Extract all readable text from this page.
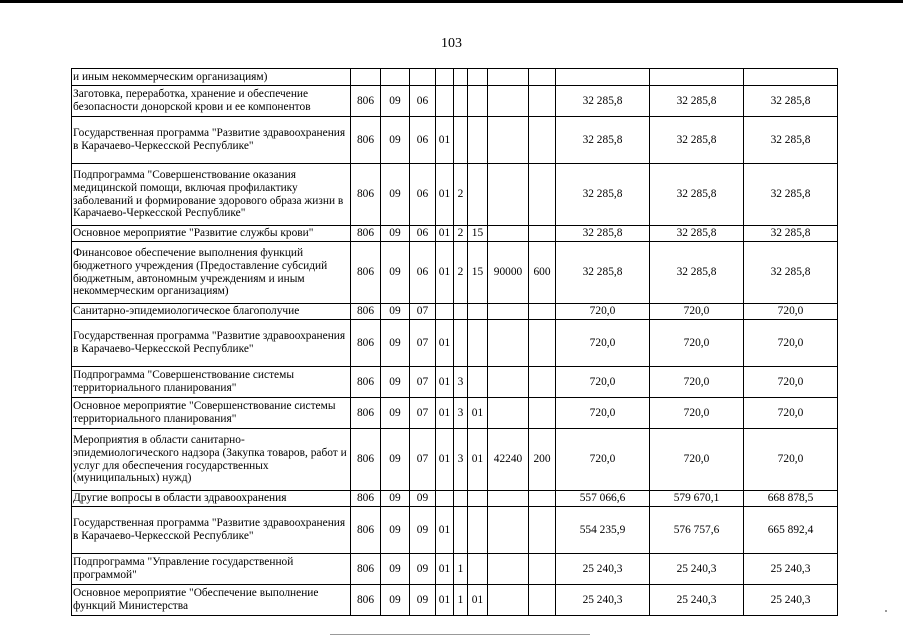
103
и иным некоммерческим организациям)											
Заготовка, переработка, хранение и обеспечение безопасности донорской крови и ее компонентов	806	09	06						32 285,8	32 285,8	32 285,8
Государственная программа "Развитие здравоохранения в Карачаево-Черкесской Республике"	806	09	06	01					32 285,8	32 285,8	32 285,8
Подпрограмма "Совершенствование оказания медицинской помощи, включая профилактику заболеваний и формирование здорового образа жизни в Карачаево-Черкесской Республике"	806	09	06	01	2				32 285,8	32 285,8	32 285,8
Основное мероприятие "Развитие службы крови"	806	09	06	01	2	15			32 285,8	32 285,8	32 285,8
Финансовое обеспечение выполнения функций бюджетного учреждения (Предоставление субсидий бюджетным, автономным учреждениям и иным некоммерческим организациям)	806	09	06	01	2	15	90000	600	32 285,8	32 285,8	32 285,8
Санитарно-эпидемиологическое благополучие	806	09	07						720,0	720,0	720,0
Государственная программа "Развитие здравоохранения в Карачаево-Черкесской Республике"	806	09	07	01					720,0	720,0	720,0
Подпрограмма "Совершенствование системы территориального планирования"	806	09	07	01	3				720,0	720,0	720,0
Основное мероприятие "Совершенствование системы территориального планирования"	806	09	07	01	3	01			720,0	720,0	720,0
Мероприятия в области санитарно-эпидемиологического надзора (Закупка товаров, работ и услуг для обеспечения государственных (муниципальных) нужд)	806	09	07	01	3	01	42240	200	720,0	720,0	720,0
Другие вопросы в области здравоохранения	806	09	09						557 066,6	579 670,1	668 878,5
Государственная программа "Развитие здравоохранения в Карачаево-Черкесской Республике"	806	09	09	01					554 235,9	576 757,6	665 892,4
Подпрограмма "Управление государственной программой"	806	09	09	01	1				25 240,3	25 240,3	25 240,3
Основное мероприятие "Обеспечение выполнение функций Министерства	806	09	09	01	1	01			25 240,3	25 240,3	25 240,3
